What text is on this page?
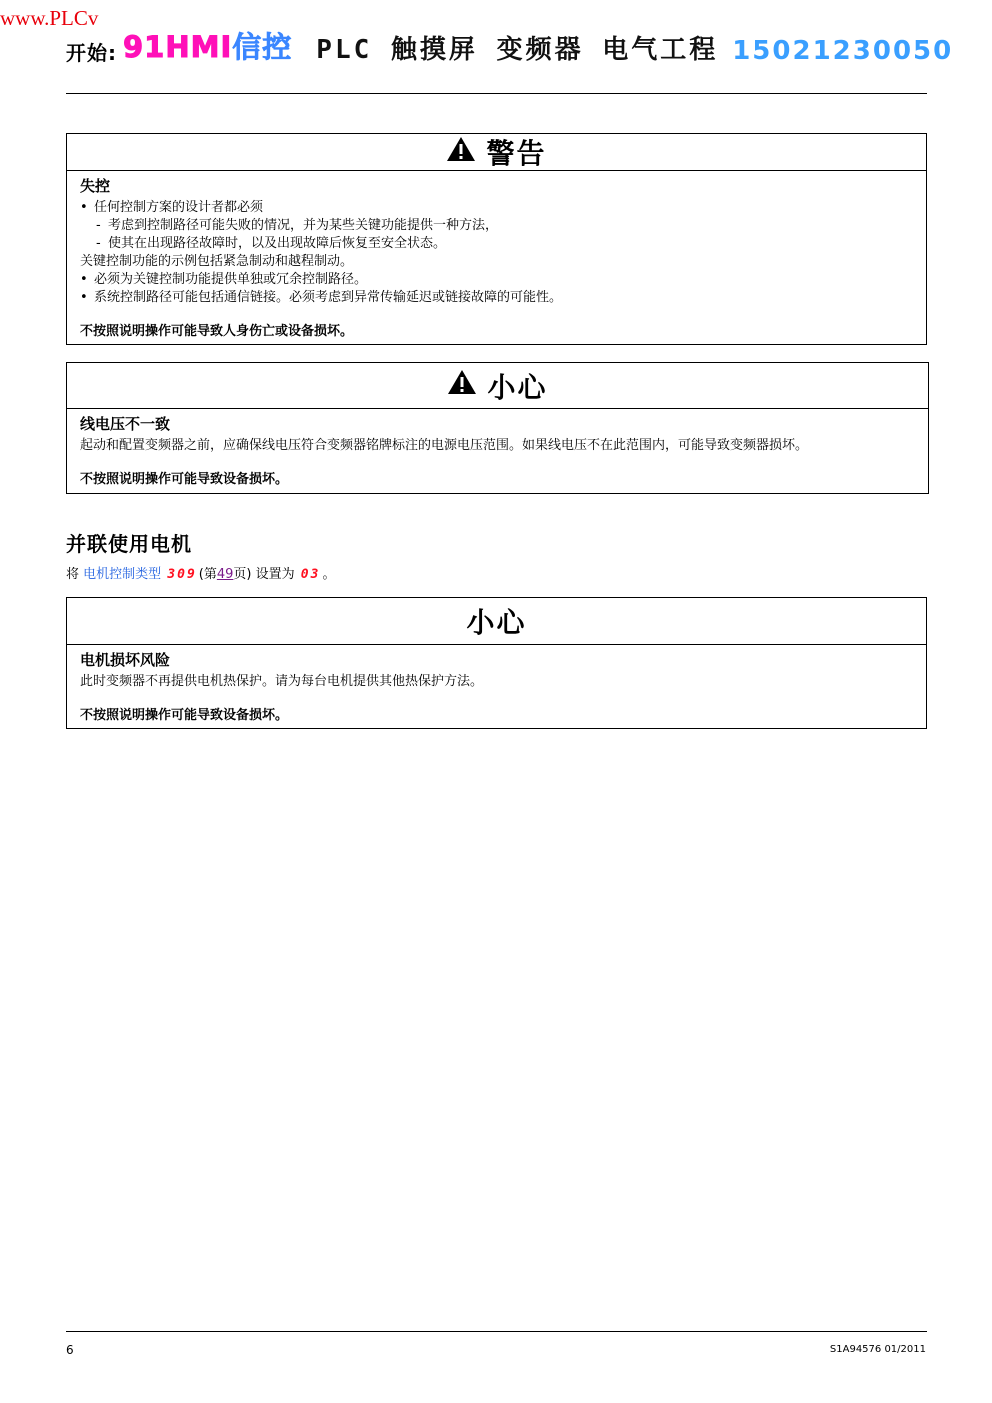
www.PLCv
开始: 91HMI信控 PLC 触摸屏 变频器 电气工程 15021230050
警告
失控
• 任何控制方案的设计者都必须
- 考虑到控制路径可能失败的情况，并为某些关键功能提供一种方法，
- 使其在出现路径故障时，以及出现故障后恢复至安全状态。
关键控制功能的示例包括紧急制动和越程制动。
• 必须为关键控制功能提供单独或冗余控制路径。
• 系统控制路径可能包括通信链接。必须考虑到异常传输延迟或链接故障的可能性。
不按照说明操作可能导致人身伤亡或设备损坏。
小心
线电压不一致
起动和配置变频器之前，应确保线电压符合变频器铭牌标注的电源电压范围。如果线电压不在此范围内，可能导致变频器损坏。
不按照说明操作可能导致设备损坏。
并联使用电机
将 电机控制类型 309 (第49页) 设置为 03 。
小心
电机损坏风险
此时变频器不再提供电机热保护。请为每台电机提供其他热保护方法。
不按照说明操作可能导致设备损坏。
6	S1A94576 01/2011
